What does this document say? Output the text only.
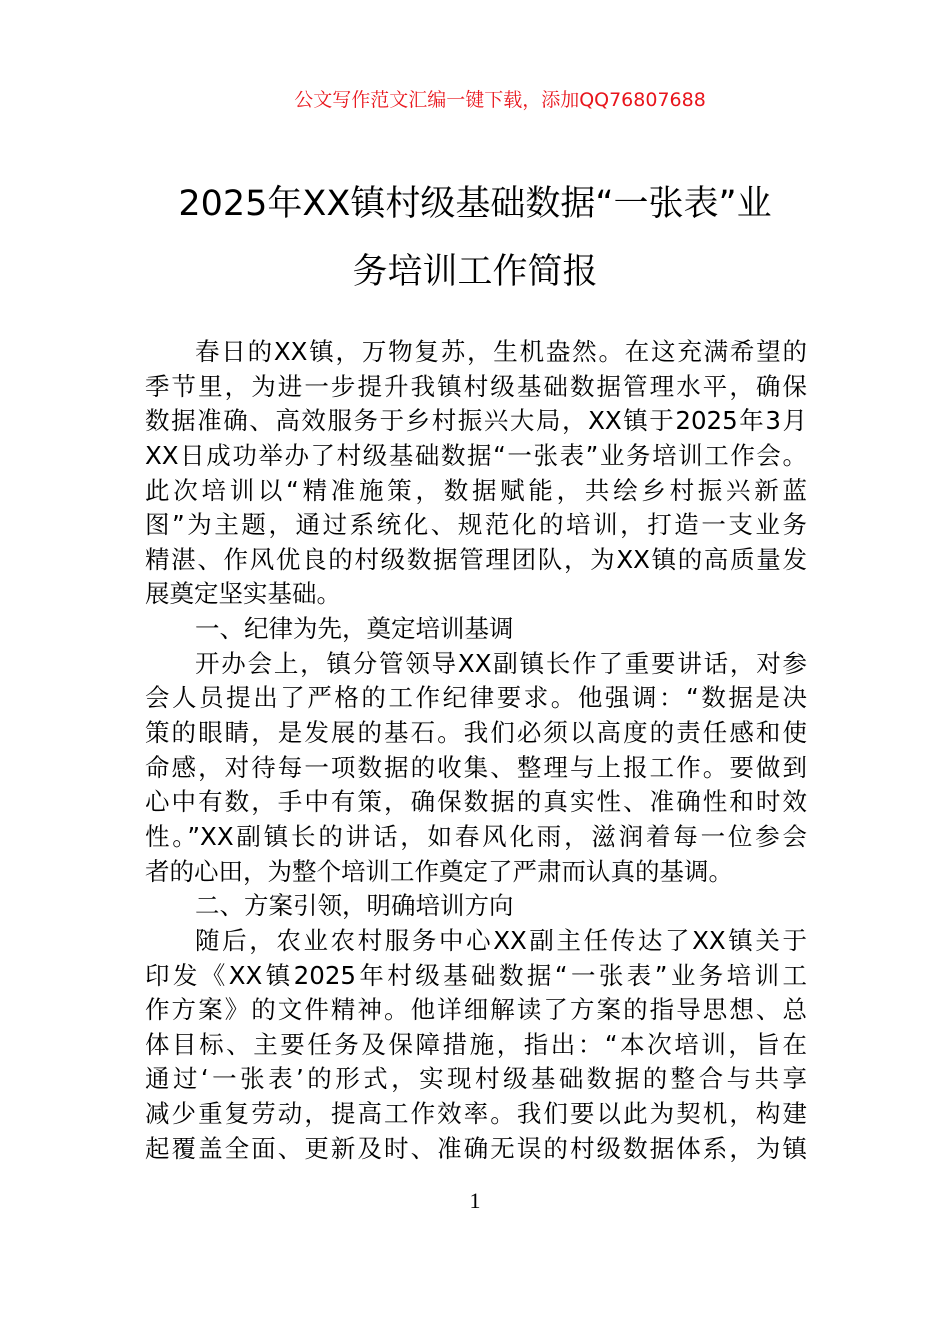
公文写作范文汇编一键下载，添加QQ76807688
2025年XX镇村级基础数据“一张表”业
务培训工作简报
春日的XX镇，万物复苏，生机盎然。在这充满希望的
季节里，为进一步提升我镇村级基础数据管理水平，确保
数据准确、高效服务于乡村振兴大局，XX镇于2025年3月
XX日成功举办了村级基础数据“一张表”业务培训工作会。
此次培训以“精准施策，数据赋能，共绘乡村振兴新蓝
图”为主题，通过系统化、规范化的培训，打造一支业务
精湛、作风优良的村级数据管理团队，为XX镇的高质量发
展奠定坚实基础。
一、纪律为先，奠定培训基调
开办会上，镇分管领导XX副镇长作了重要讲话，对参
会人员提出了严格的工作纪律要求。他强调：“数据是决
策的眼睛，是发展的基石。我们必须以高度的责任感和使
命感，对待每一项数据的收集、整理与上报工作。要做到
心中有数，手中有策，确保数据的真实性、准确性和时效
性。”XX副镇长的讲话，如春风化雨，滋润着每一位参会
者的心田，为整个培训工作奠定了严肃而认真的基调。
二、方案引领，明确培训方向
随后，农业农村服务中心XX副主任传达了XX镇关于
印发《XX镇2025年村级基础数据“一张表”业务培训工
作方案》的文件精神。他详细解读了方案的指导思想、总
体目标、主要任务及保障措施，指出：“本次培训，旨在
通过‘一张表’的形式，实现村级基础数据的整合与共享
减少重复劳动，提高工作效率。我们要以此为契机，构建
起覆盖全面、更新及时、准确无误的村级数据体系，为镇
1
